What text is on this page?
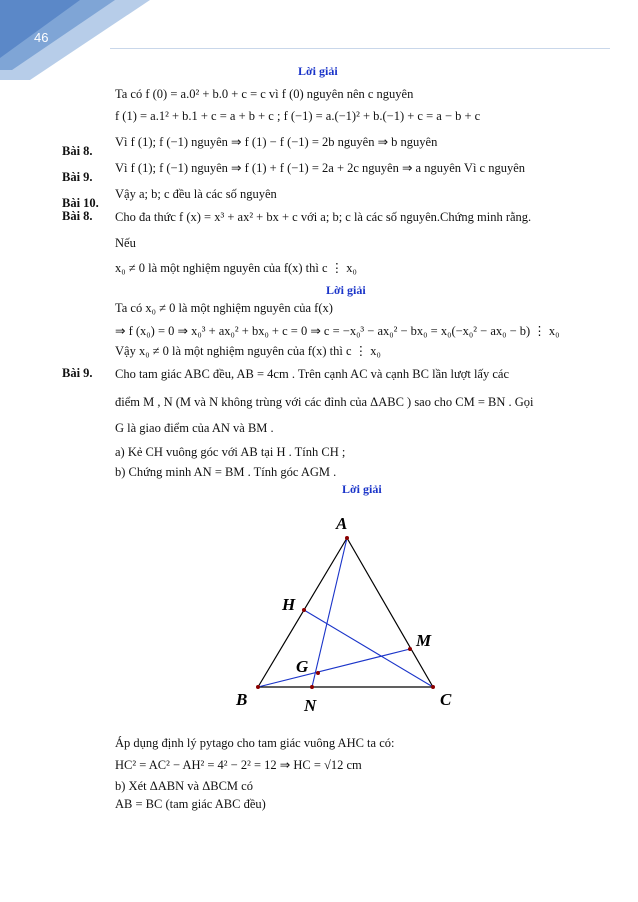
46
Lời giải
Ta có f (0) = a.0² + b.0 + c = c vì f (0) nguyên nên c nguyên
f (1) = a.1² + b.1 + c = a + b + c ; f (−1) = a.(−1)² + b.(−1) + c = a − b + c
Bài 8.
Vì f (1); f (−1) nguyên ⇒ f (1) − f (−1) = 2b nguyên ⇒ b nguyên
Bài 9.
Vì f (1); f (−1) nguyên ⇒ f (1) + f (−1) = 2a + 2c nguyên ⇒ a nguyên Vì c nguyên
Vậy a; b; c đều là các số nguyên
Bài 10.
Bài 8. Cho đa thức f (x) = x³ + ax² + bx + c với a; b; c là các số nguyên.Chứng minh rằng.
Nếu
x₀ ≠ 0 là một nghiệm nguyên của f(x) thì c ⋮ x₀
Lời giải
Ta có x₀ ≠ 0 là một nghiệm nguyên của f(x)
⇒ f (x₀) = 0 ⇒ x₀³ + ax₀² + bx₀ + c = 0 ⇒ c = −x₀³ − ax₀² − bx₀ = x₀(−x₀² − ax₀ − b) ⋮ x₀
Vậy x₀ ≠ 0 là một nghiệm nguyên của f(x) thì c ⋮ x₀
Bài 9. Cho tam giác ABC đều, AB = 4cm . Trên cạnh AC và cạnh BC lần lượt lấy các
điểm M , N (M và N không trùng với các đỉnh của ΔABC ) sao cho CM = BN . Gọi
G là giao điểm của AN và BM .
a) Kẻ CH vuông góc với AB tại H . Tính CH ;
b) Chứng minh AN = BM . Tính góc AGM .
Lời giải
A
B	C
H
M
N
G
Áp dụng định lý pytago cho tam giác vuông AHC ta có:
HC² = AC² − AH² = 4² − 2² = 12 ⇒ HC = √12 cm
b) Xét ΔABN và ΔBCM có
AB = BC (tam giác ABC đều)
